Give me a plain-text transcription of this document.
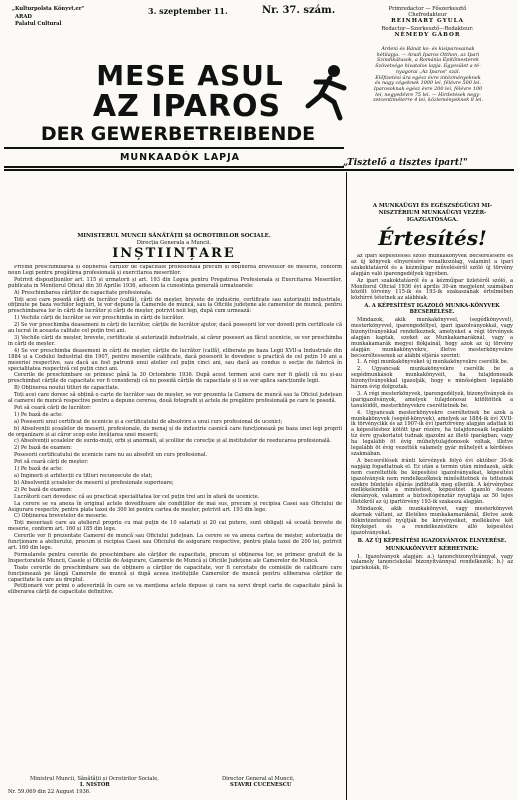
„Kulturpolsta Könyvt.er"
ARAD
Palatul Cultural
3. szeptember 11.	Nr. 37. szám.	Primredactor — Főszerkesztő
Chefredakteur
REINHART GYULA
Redactor—Szerkesztő—Redakteur:
NÉMEDY GÁBOR
Árdeni és Bánát ko- és kisiparosainak
hétilapja. — Aradi Iparos Otthon, az Ipari
Szindikátusok, a Románia Építőmesterek
Szövetsége hivatalos lapja. Egyesület a té-
nyagorai „Az Iparos" szál.
Előfizetési ára egész évre intézményeknek
és nagy cégeknek 1000 lei, félévre 500 lei.
Iparosoknak egész évre 200 lei, félévre 100
lei, negyedévre 75 lei. — Hirdetések negy-
zetcentiméterre 4 lei, közleményeknek 8 lei.
MESE ASUL
AZ IPAROS
DER GEWERBETREIBENDE
MUNKAADÓK LAPJA	„Tisztelő a tisztes ipart!"
MINISTERUL MUNCII SĂNĂTĂȚII ȘI OCROTIRILOR SOCIALE.
Direcția Generala a Muncii.
INȘTIINȚARE

Privind preschimbarea și obținerea carților de capacitate profesională precum și obținerea brevetelor de meserie, conform noun Legi pentru pregătirea profesională și exercitarea meseriilor.

Potrivit dispozițiunilor art. 115 și urmatorii și art. 193 din Legea pentru Pregatirea Profesionala și Exercitarea Meseriilor, publicata in Monitorul Oficial din 30 Aprilie 1936, aducem la cunostința generală urmatoarele:

A) Preschimbarea cărților de capacitate profesionala.

Toți acei care posedă cărți de lucrător (calfă), cărți de meșter, brevete de industrie, certificate sau autorizații industriale, obținute pe baza vechilor legiuiri, le vor depune la Camerele de muncă, sau la Oficiile județene ale camerelor de muncă, pentru preschimbarea lor în cărți de lucrător și cărți de meșter, potrivit noii legi, după cum urmează:

1) Vechile cărți de lucrător se vor preschimba in cărți de lucrător.

2) Se vor preschimba deasemeni in cărți de lucrător, cărțile de lucrător ajutor, dacă posesorii lor vor dovedi prin certificate că au lucrat în aceasta calitate cel puțin trei ani.

3) Vechile cărți de meșter, brevete, certificate și autorizații industriale, ai căror posesori au făcut ucenicie, se vor preschimba in cărți de meșter.

4) Se vor preschimba deasemeni in cărți de meșter, cărțile de lucrător (calfă), eliberate pe baza Legii XVII-a Industriale din 1884 și a Codului Industrial din 1907, pentru meseriile calificate, dacă posesorii le dovedesc o practică de cel puțin 10 ani a meseriei respective, sau dacă au fost patronii unui atelier cel puțin cinci ani, sau dacă au condus o secție de fabrică în specialitatea respectivă cel puțin cinci ani.

Cererile de preschimbare se primesc până la 30 Octombrie 1936. După acest termen acei care nor fi găsiți că nu și-au preschimbat cărțile de capacitate vor fi considerați că nu posedă cărțile de capacitate și li se vor aplica sancțiunile legii.

B) Obținerea noului titluri de capacitate.

Toți acei care doresc să obțină o carte de lucrător sau de meșter, se vor prezenta la Camera de muncă sau la Oficiul județean al camerei de muncă respective pentru a depune cererea, două fotografii și actele de pregătire profesională pe care le posedă.

Pot să ceară cărți de lucrător:

1) Pe bază de acte:

a) Posesorii unui certificat de ucenicie și a certificatului de absolvire a unui curs profesional de ucenici;

b) Absolvenții școalelor de meserii, profesionale, de menaj și de industrie casnică care funcționează pe baza unei legi proprii de organizare și ai căror scop este învățarea unei meserii;

c) Absolvenții școalelor de surdo-muți, orbi și anormali, al școlilor de corecție și al institutelor de reeducarea profesională.

2) Pe bază de examen:

Posesorii certificatului de ucenicie care nu au absolvit un curs profesional.

Pot să ceară cărți de meșter:

1) Pe bază de acte:

a) Inginerii și arhitecții cu titluri recunoscute de stat;

b) Absolvenții școalelor de meserii și profesionale superioare;

2) Pe bază de examen:

Lucrătorii cari dovedesc că au practicat specialitatea lor cel puțin trei ani în afară de ucenicie.

La cerere se va anexa în original actele doveditoare ale condițiilor de mai sus, precum și recipisa Casei sau Oficiului de Asigurare respectiv, pentru plata taxei de 300 lei pentru cartea de meșter, potrivit art. 193 din lege.

C) Obținerea brevetelor de meserie.

Toți meseriașii care au atelierul propriu cu mai puțin de 10 salariați și 20 cai putere, sunt obligați să scoată brevete de meserie, conform art. 160 și 185 din lege.

Cererile vor fi prezentate Camerei de muncă sau Oficiului județean. La cerere se va anexa cartea de meșter, autorizația de funcționare a atelierului, precum și recipisa Casei sau Oficiului de asigurare respective, pentru plata taxei de 200 lei, potrivit art. 160 din lege.

Formularele pentru cererile de preschimbare ale cărților de capacitate, precum și obținerea lor, se primesc gratuit de la Inspectoratele Muncii, Casele și Oficiile de Asigurare, Camerele de Muncă și Oficiile Județene ale Camerelor de Muncă.

Toate cererile de preschimbare sau de obținere a cărților de capacitate, vor fi cercetate de comisiile de calificare care funcționează pe lângă Camerele de muncă și după aceea instituțiile Camerelor de muncă pentru eliberarea cărților de capacitate la care au dreptul.

Petiționarii vor primi o adeverință în care se va menționa actele depuse și care va servi drept carte de capacitate până la eliberarea cărții de capacitate definitive.

Ministrul Muncii, Sănătății și Ocrotirilor Sociale,
I. NISTOR
Director General al Muncii,
STAVRI CUCENESCU
Nr. 59.069 din 22 August 1936.
A MUNKAÜGYI ÉS EGÉSZSÉGÜGYI MI-
NISZTÉRIUM MUNKAÜGYI VEZÉR-
IGAZGATÓSÁGA.
Értesítés!

az ipari képesítéssel szóló munkakönyvek becserélésére és az új könyvek elnyerésére vonatkozólag, valamint a ipari szakoktatásról és a kézműipar műveléséről szóló új törvény alapján való iparengedélyek ügyében.

Az ipari szakoktatásról és a kézműipar üzletéről szóló, a Monitorul Oficial 1936 évi április 30-án megjelent számában közölt törvény 115-ik és 193-ik szakaszának értelmében közhírré tétetnek az alábbiak.

A. A KÉPESÍTÉST IGAZOLÓ MUNKA-KÖNYVEK BECSERÉLÉSE.

Mindazok, akik munkakönyvvel, (segédkönyvvel), mesterkönyvvel, iparengedéllyel, ipari igazolványokkal, vagy bizonyítványokkal rendelkeznek, amelyeket a régi törvények alapján kaptak, ezeket az Munkakamaráknál, vagy a munkakamarák megyei fiókjainál, hogy azok az új törvény alapján munkakönyvekre, illetve mesterkönyvekre becseréltessenek az alábbi eljárás szerint:

1. A régi munkakönyveket új munkakönyvekre cserélik be.

2. Ugyancsak munkakönyvekre cserélik be a segédmunkások munkakönyveit, ha tulajdonosaik bizonyítványokkal igazolják, hogy e minőségben legalább három évig dolgoztak.

3. A régi mesterkönyvek, iparengedélyek, bizonyítványok és iparigazolványok, amelyek tulajdonosai kitöltötték a tanulóidőt, mesterkönyvekre cseréltetnek be.

4. Ugyancsak mesterkönyvekre cseréltetnek be azok a munkakönyvek (segéd-könyvek), amelyek az 1884-ik évi XVII-ik törvénycikk és az 1907-ik évi ipartörvény alapján adattak ki a képesítéshez kötött ipar rézére, ha tulajdonosaik legalább tíz évre gyakorlatot tudnak igazolni az illető iparágban, vagy ha legalább öt évig műhelytulajdonosok voltak, illetve legalább öt évig vezették valamely gyár műhelyét a kérdéses szakmában.

A becserélések iránti kérvények folyó évi október 30-ik napjáig fogadtatnak el. Ez után a termin után mindazok, akik nem cseréltették be képesítési igazolványaikat, képesítési igazolványok nem rendelkezőknek minősíttetnek és tetteinek ezekre büntetés éljárás indíttatik meg ellenük. A kérvényhez mellékelendők a minősítést, képesítést igazoló összes okmányok, valamint a biztosítópénztár nyugtája az 50 lejes illetékről az új ipartörvény 193-ik szakasza alapján.

Mindazok, akik munkakönyvet, vagy mesterkönyvet akarnak váltani, az illetékes munkakamaráknál, illetve azok fiókintézeteinél nyújtják be kérvényeiket, mellékelve két fényképet és a rendelkezésükre álló képesítési igazolványokat.

B. AZ ÚJ KÉPESÍTÉSI IGAZOLVÁNYOK ELNYERÉSE.
MUNKAKÖNYVET KÉRHETNEK:

1. Igazolványok alapján: a.) tanoncbizonyítvánnyal, vagy valamely tanonciskolai bizonyítvánnyal rendelkezők; b.) az ipariskolák, fő-
